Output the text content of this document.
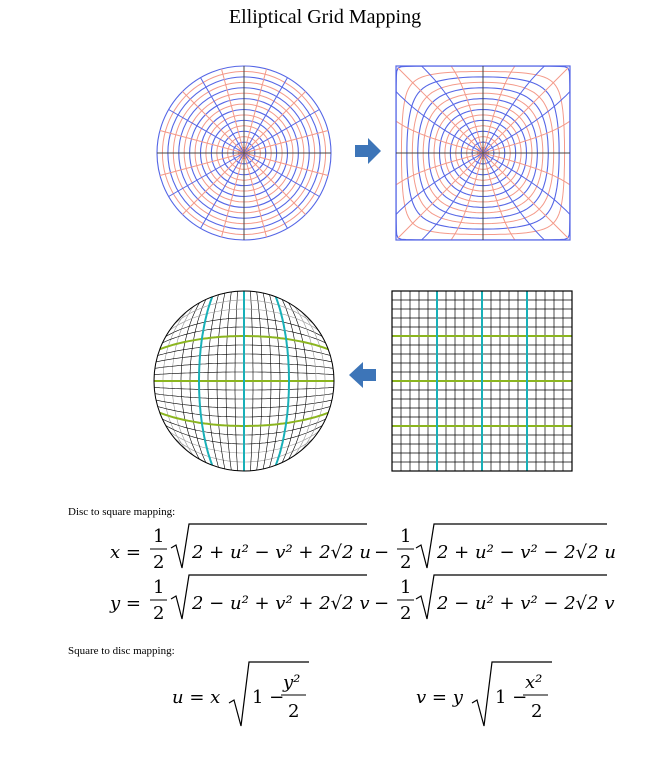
Elliptical Grid Mapping
x =
1
2 2 + u² − v² + 2√2 u −
1
2 2 + u² − v² − 2√2 u
y =
1
2 2 − u² + v² + 2√2 v −
1
2 2 − u² + v² − 2√2 v
u = x 1 −
y²
2
v = y 1 −
x²
2
Disc to square mapping:
Square to disc mapping:
